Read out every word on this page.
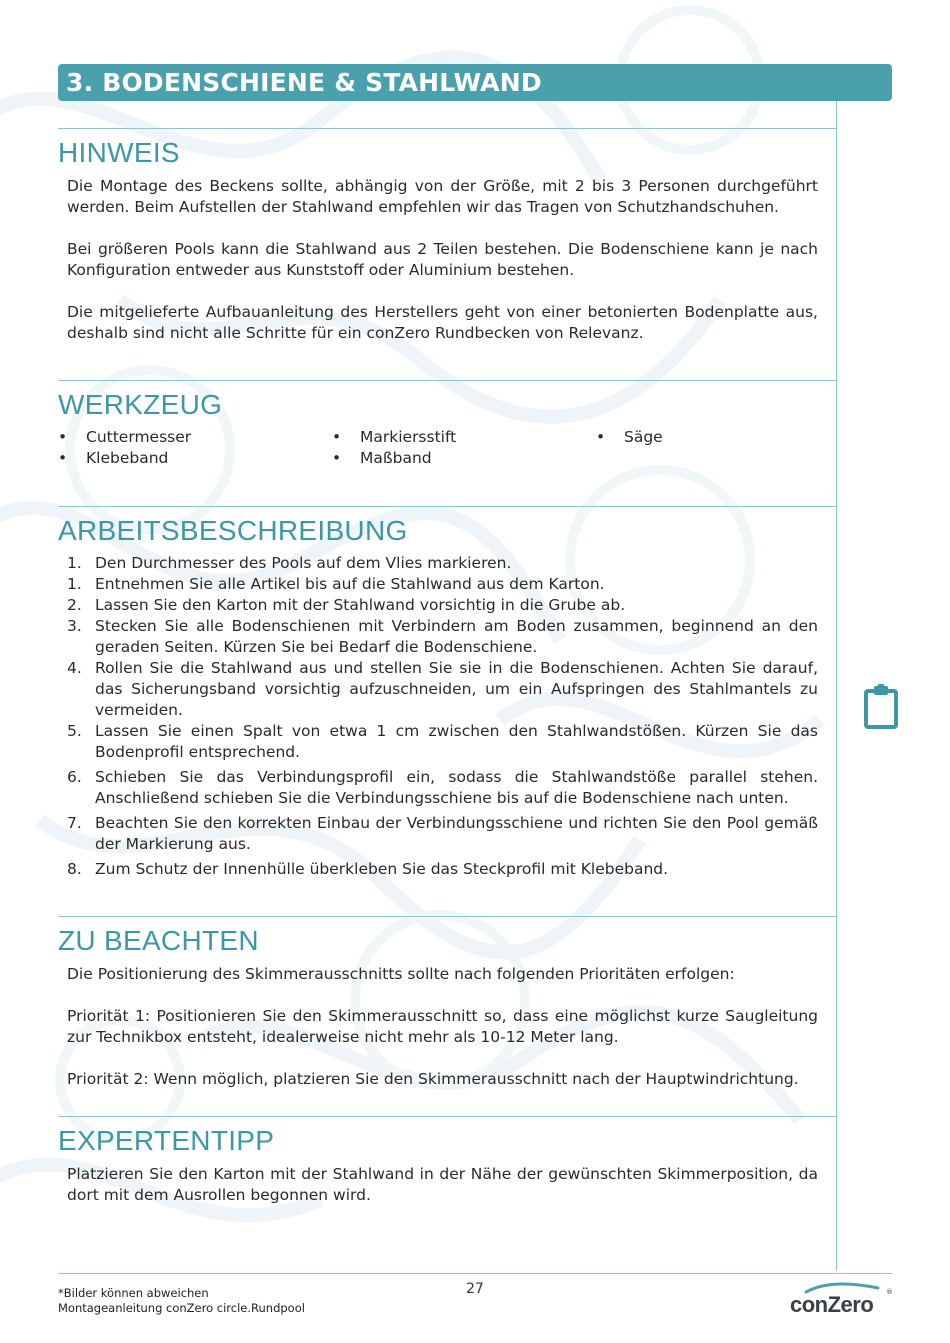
3. BODENSCHIENE & STAHLWAND
HINWEIS
Die Montage des Beckens sollte, abhängig von der Größe, mit 2 bis 3 Personen durchgeführt werden. Beim Aufstellen der Stahlwand empfehlen wir das Tragen von Schutzhandschuhen.
Bei größeren Pools kann die Stahlwand aus 2 Teilen bestehen. Die Bodenschiene kann je nach Konfiguration entweder aus Kunststoff oder Aluminium bestehen.
Die mitgelieferte Aufbauanleitung des Herstellers geht von einer betonierten Bodenplatte aus, deshalb sind nicht alle Schritte für ein conZero Rundbecken von Relevanz.
WERKZEUG
• Cuttermesser
• Klebeband
• Markiersstift
• Maßband
• Säge
ARBEITSBESCHREIBUNG
1. Den Durchmesser des Pools auf dem Vlies markieren.
1. Entnehmen Sie alle Artikel bis auf die Stahlwand aus dem Karton.
2. Lassen Sie den Karton mit der Stahlwand vorsichtig in die Grube ab.
3. Stecken Sie alle Bodenschienen mit Verbindern am Boden zusammen, beginnend an den geraden Seiten. Kürzen Sie bei Bedarf die Bodenschiene.
4. Rollen Sie die Stahlwand aus und stellen Sie sie in die Bodenschienen. Achten Sie darauf, das Sicherungsband vorsichtig aufzuschneiden, um ein Aufspringen des Stahlmantels zu vermeiden.
5. Lassen Sie einen Spalt von etwa 1 cm zwischen den Stahlwandstößen. Kürzen Sie das Bodenprofil entsprechend.
6. Schieben Sie das Verbindungsprofil ein, sodass die Stahlwandstöße parallel stehen. Anschließend schieben Sie die Verbindungsschiene bis auf die Bodenschiene nach unten.
7. Beachten Sie den korrekten Einbau der Verbindungsschiene und richten Sie den Pool gemäß der Markierung aus.
8. Zum Schutz der Innenhülle überkleben Sie das Steckprofil mit Klebeband.
ZU BEACHTEN
Die Positionierung des Skimmerausschnitts sollte nach folgenden Prioritäten erfolgen:
Priorität 1: Positionieren Sie den Skimmerausschnitt so, dass eine möglichst kurze Saugleitung zur Technikbox entsteht, idealerweise nicht mehr als 10-12 Meter lang.
Priorität 2: Wenn möglich, platzieren Sie den Skimmerausschnitt nach der Hauptwindrichtung.
EXPERTENTIPP
Platzieren Sie den Karton mit der Stahlwand in der Nähe der gewünschten Skimmerposition, da dort mit dem Ausrollen begonnen wird.
*Bilder können abweichen
Montageanleitung conZero circle.Rundpool
27
conZero ®
